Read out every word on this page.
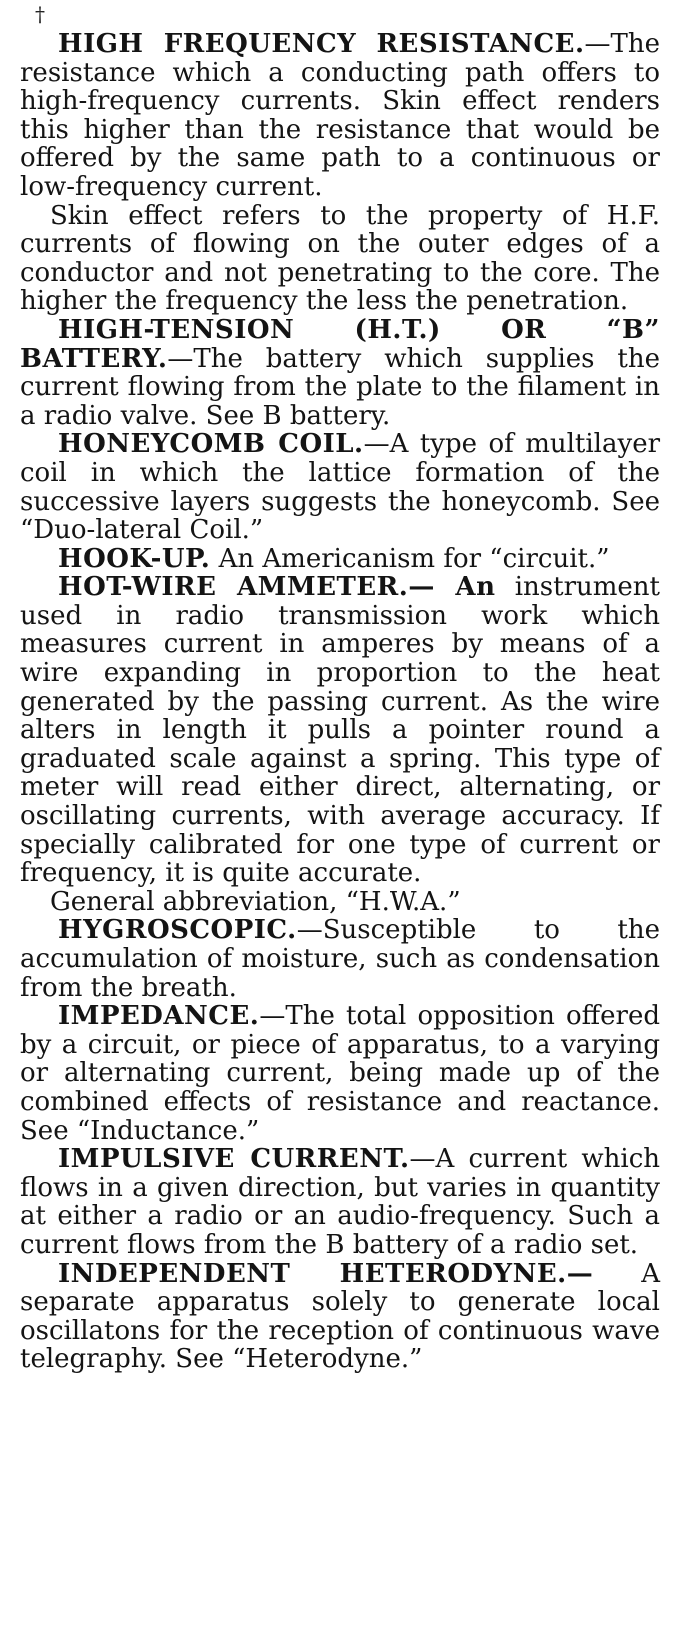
†

HIGH FREQUENCY RESISTANCE.—The resistance which a conducting path offers to high-frequency currents. Skin effect renders this higher than the resistance that would be offered by the same path to a continuous or low-frequency current.

Skin effect refers to the property of H.F. currents of flowing on the outer edges of a conductor and not penetrating to the core. The higher the frequency the less the penetration.

HIGH-TENSION (H.T.) OR “B” BATTERY.—The battery which supplies the current flowing from the plate to the filament in a radio valve. See B battery.

HONEYCOMB COIL.—A type of multilayer coil in which the lattice formation of the successive layers suggests the honeycomb. See “Duo-lateral Coil.”

HOOK-UP. An Americanism for “circuit.”

HOT-WIRE AMMETER.— An instrument used in radio transmission work which measures current in amperes by means of a wire expanding in proportion to the heat generated by the passing current. As the wire alters in length it pulls a pointer round a graduated scale against a spring. This type of meter will read either direct, alternating, or oscillating currents, with average accuracy. If specially calibrated for one type of current or frequency, it is quite accurate.

General abbreviation, “H.W.A.”

HYGROSCOPIC.—Susceptible to the accumulation of moisture, such as condensation from the breath.

IMPEDANCE.—The total opposition offered by a circuit, or piece of apparatus, to a varying or alternating current, being made up of the combined effects of resistance and reactance. See “Inductance.”

IMPULSIVE CURRENT.—A current which flows in a given direction, but varies in quantity at either a radio or an audio-frequency. Such a current flows from the B battery of a radio set.

INDEPENDENT HETERODYNE.— A separate apparatus solely to generate local oscillatons for the reception of continuous wave telegraphy. See “Heterodyne.”
